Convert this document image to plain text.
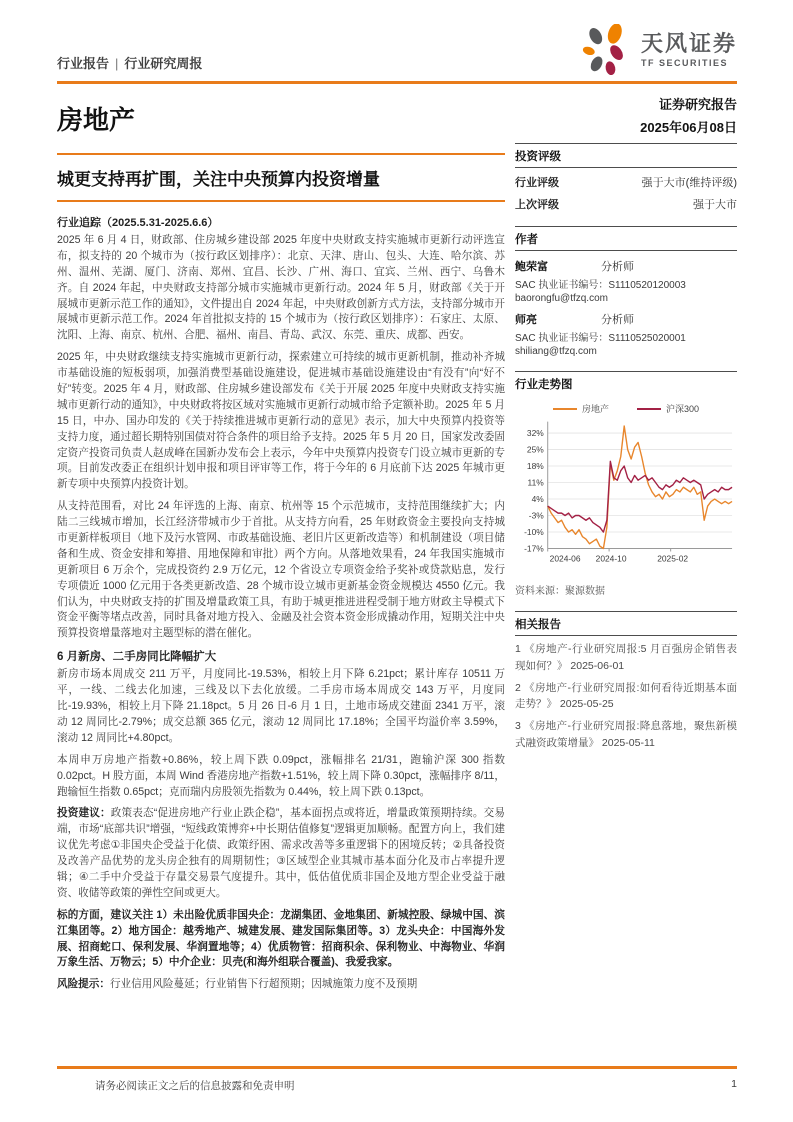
行业报告 | 行业研究周报
天风证券
TF SECURITIES
房地产
城更支持再扩围，关注中央预算内投资增量
行业追踪（2025.5.31-2025.6.6）

2025 年 6 月 4 日，财政部、住房城乡建设部 2025 年度中央财政支持实施城市更新行动评选宣布，拟支持的 20 个城市为（按行政区划排序）：北京、天津、唐山、包头、大连、哈尔滨、苏州、温州、芜湖、厦门、济南、郑州、宜昌、长沙、广州、海口、宜宾、兰州、西宁、乌鲁木齐。自 2024 年起，中央财政支持部分城市实施城市更新行动。2024 年 5 月，财政部《关于开展城市更新示范工作的通知》，文件提出自 2024 年起，中央财政创新方式方法，支持部分城市开展城市更新示范工作。2024 年首批拟支持的 15 个城市为（按行政区划排序）：石家庄、太原、沈阳、上海、南京、杭州、合肥、福州、南昌、青岛、武汉、东莞、重庆、成都、西安。

2025 年，中央财政继续支持实施城市更新行动，探索建立可持续的城市更新机制，推动补齐城市基础设施的短板弱项，加强消费型基础设施建设，促进城市基础设施建设由“有没有”向“好不好”转变。2025 年 4 月，财政部、住房城乡建设部发布《关于开展 2025 年度中央财政支持实施城市更新行动的通知》，中央财政将按区域对实施城市更新行动城市给予定额补助。2025 年 5 月 15 日，中办、国办印发的《关于持续推进城市更新行动的意见》表示，加大中央预算内投资等支持力度，通过超长期特别国债对符合条件的项目给予支持。2025 年 5 月 20 日，国家发改委固定资产投资司负责人赵成峰在国新办发布会上表示，今年中央预算内投资专门设立城市更新的专项。目前发改委正在组织计划申报和项目评审等工作，将于今年的 6 月底前下达 2025 年城市更新专项中央预算内投资计划。

从支持范围看，对比 24 年评选的上海、南京、杭州等 15 个示范城市，支持范围继续扩大；内陆二三线城市增加，长江经济带城市少于首批。从支持方向看，25 年财政资金主要投向支持城市更新样板项目（地下及污水管网、市政基础设施、老旧片区更新改造等）和机制建设（项目储备和生成、资金安排和筹措、用地保障和审批）两个方向。从落地效果看，24 年我国实施城市更新项目 6 万余个，完成投资约 2.9 万亿元，12 个省设立专项资金给予奖补或贷款贴息，发行专项债近 1000 亿元用于各类更新改造、28 个城市设立城市更新基金资金规模达 4550 亿元。我们认为，中央财政支持的扩围及增量政策工具，有助于城更推进进程受制于地方财政主导模式下资金平衡等堵点改善，同时具备对地方投入、金融及社会资本资金形成撬动作用，短期关注中央预算投资增量落地对主题型标的潜在催化。

6 月新房、二手房同比降幅扩大

新房市场本周成交 211 万平，月度同比-19.53%，相较上月下降 6.21pct；累计库存 10511 万平，一线、二线去化加速，三线及以下去化放缓。二手房市场本周成交 143 万平，月度同比-19.93%，相较上月下降 21.18pct。5 月 26 日-6 月 1 日，土地市场成交建面 2341 万平，滚动 12 周同比-2.79%；成交总额 365 亿元，滚动 12 周同比 17.18%；全国平均溢价率 3.59%，滚动 12 周同比+4.80pct。

本周申万房地产指数+0.86%，较上周下跌 0.09pct，涨幅排名 21/31，跑输沪深 300 指数 0.02pct。H 股方面，本周 Wind 香港房地产指数+1.51%，较上周下降 0.30pct，涨幅排序 8/11，跑输恒生指数 0.65pct；克而瑞内房股领先指数为 0.44%，较上周下跌 0.13pct。

投资建议：政策表态“促进房地产行业止跌企稳”，基本面拐点或将近，增量政策预期持续。交易端，市场“底部共识”增强，“短线政策博弈+中长期估值修复”逻辑更加顺畅。配置方向上，我们建议优先考虑①非国央企受益于化债、政策纾困、需求改善等多重逻辑下的困境反转；②具备投资及改善产品优势的龙头房企独有的周期韧性；③区域型企业其城市基本面分化及市占率提升逻辑；④二手中介受益于存量交易景气度提升。其中，低估值优质非国企及地方型企业受益于融资、收储等政策的弹性空间或更大。

标的方面，建议关注 1）未出险优质非国央企：龙湖集团、金地集团、新城控股、绿城中国、滨江集团等。2）地方国企：越秀地产、城建发展、建发国际集团等。3）龙头央企：中国海外发展、招商蛇口、保利发展、华润置地等；4）优质物管：招商积余、保利物业、中海物业、华润万象生活、万物云；5）中介企业：贝壳(和海外组联合覆盖)、我爱我家。

风险提示：行业信用风险蔓延；行业销售下行超预期；因城施策力度不及预期

证券研究报告
2025年06月08日
投资评级
行业评级	强于大市(维持评级)
上次评级	强于大市
作者
鲍荣富	分析师
SAC 执业证书编号：S1110520120003
baorongfu@tfzq.com
师亮	分析师
SAC 执业证书编号：S1110525020001
shiliang@tfzq.com
行业走势图
房地产	沪深300
32%
25%
18%
11%
4%
-3%
-10%
-17%
2024-06 2024-10	2025-02
资料来源：聚源数据
相关报告
1 《房地产-行业研究周报:5 月百强房企销售表现如何？》 2025-06-01
2 《房地产-行业研究周报:如何看待近期基本面走势？》 2025-05-25
3 《房地产-行业研究周报:降息落地，聚焦新模式融资政策增量》 2025-05-11
请务必阅读正文之后的信息披露和免责申明	1
